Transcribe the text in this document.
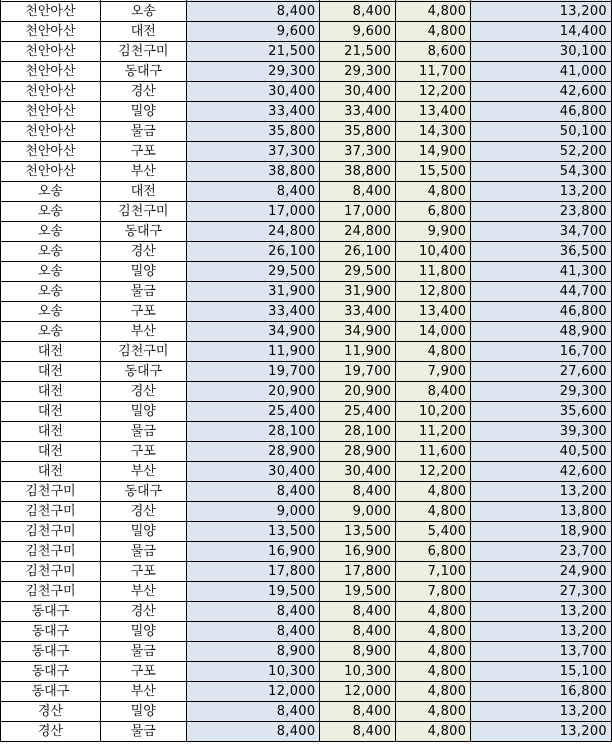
천안아산	오송	8,400	8,400	4,800	13,200
천안아산	대전	9,600	9,600	4,800	14,400
천안아산	김천구미	21,500	21,500	8,600	30,100
천안아산	동대구	29,300	29,300	11,700	41,000
천안아산	경산	30,400	30,400	12,200	42,600
천안아산	밀양	33,400	33,400	13,400	46,800
천안아산	물금	35,800	35,800	14,300	50,100
천안아산	구포	37,300	37,300	14,900	52,200
천안아산	부산	38,800	38,800	15,500	54,300
오송	대전	8,400	8,400	4,800	13,200
오송	김천구미	17,000	17,000	6,800	23,800
오송	동대구	24,800	24,800	9,900	34,700
오송	경산	26,100	26,100	10,400	36,500
오송	밀양	29,500	29,500	11,800	41,300
오송	물금	31,900	31,900	12,800	44,700
오송	구포	33,400	33,400	13,400	46,800
오송	부산	34,900	34,900	14,000	48,900
대전	김천구미	11,900	11,900	4,800	16,700
대전	동대구	19,700	19,700	7,900	27,600
대전	경산	20,900	20,900	8,400	29,300
대전	밀양	25,400	25,400	10,200	35,600
대전	물금	28,100	28,100	11,200	39,300
대전	구포	28,900	28,900	11,600	40,500
대전	부산	30,400	30,400	12,200	42,600
김천구미	동대구	8,400	8,400	4,800	13,200
김천구미	경산	9,000	9,000	4,800	13,800
김천구미	밀양	13,500	13,500	5,400	18,900
김천구미	물금	16,900	16,900	6,800	23,700
김천구미	구포	17,800	17,800	7,100	24,900
김천구미	부산	19,500	19,500	7,800	27,300
동대구	경산	8,400	8,400	4,800	13,200
동대구	밀양	8,400	8,400	4,800	13,200
동대구	물금	8,900	8,900	4,800	13,700
동대구	구포	10,300	10,300	4,800	15,100
동대구	부산	12,000	12,000	4,800	16,800
경산	밀양	8,400	8,400	4,800	13,200
경산	물금	8,400	8,400	4,800	13,200
